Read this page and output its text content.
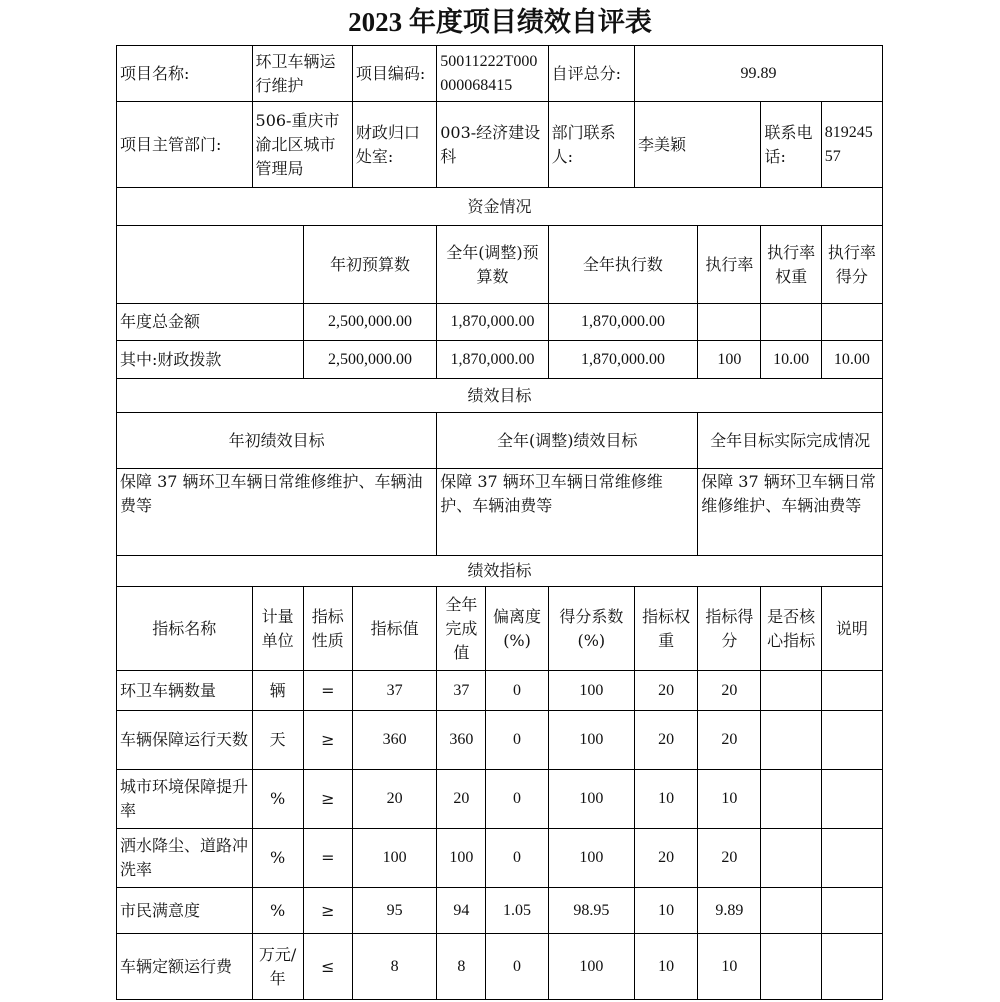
2023 年度项目绩效自评表
项目名称:	环卫车辆运行维护		项目编码:	50011222T000000068415		自评总分:	99.89			
项目主管部门:	506-重庆市渝北区城市管理局		财政归口处室:	003-经济建设科		部门联系人:	李美颖		联系电话:	81924557
资金情况										
		年初预算数		全年(调整)预算数		全年执行数		执行率	执行率权重	执行率得分
年度总金额		2,500,000.00		1,870,000.00		1,870,000.00				
其中:财政拨款		2,500,000.00		1,870,000.00		1,870,000.00		100	10.00	10.00
绩效目标										
年初绩效目标				全年(调整)绩效目标				全年目标实际完成情况		
保障 37 辆环卫车辆日常维修维护、车辆油费等				保障 37 辆环卫车辆日常维修维护、车辆油费等				保障 37 辆环卫车辆日常维修维护、车辆油费等		
绩效指标										
指标名称	计量单位	指标性质	指标值	全年完成值	偏离度(%)	得分系数(%)	指标权重	指标得分	是否核心指标	说明
环卫车辆数量	辆	=	37	37	0	100	20	20		
车辆保障运行天数	天	≥	360	360	0	100	20	20		
城市环境保障提升率	%	≥	20	20	0	100	10	10		
洒水降尘、道路冲洗率	%	=	100	100	0	100	20	20		
市民满意度	%	≥	95	94	1.05	98.95	10	9.89		
车辆定额运行费	万元/年	≤	8	8	0	100	10	10		
